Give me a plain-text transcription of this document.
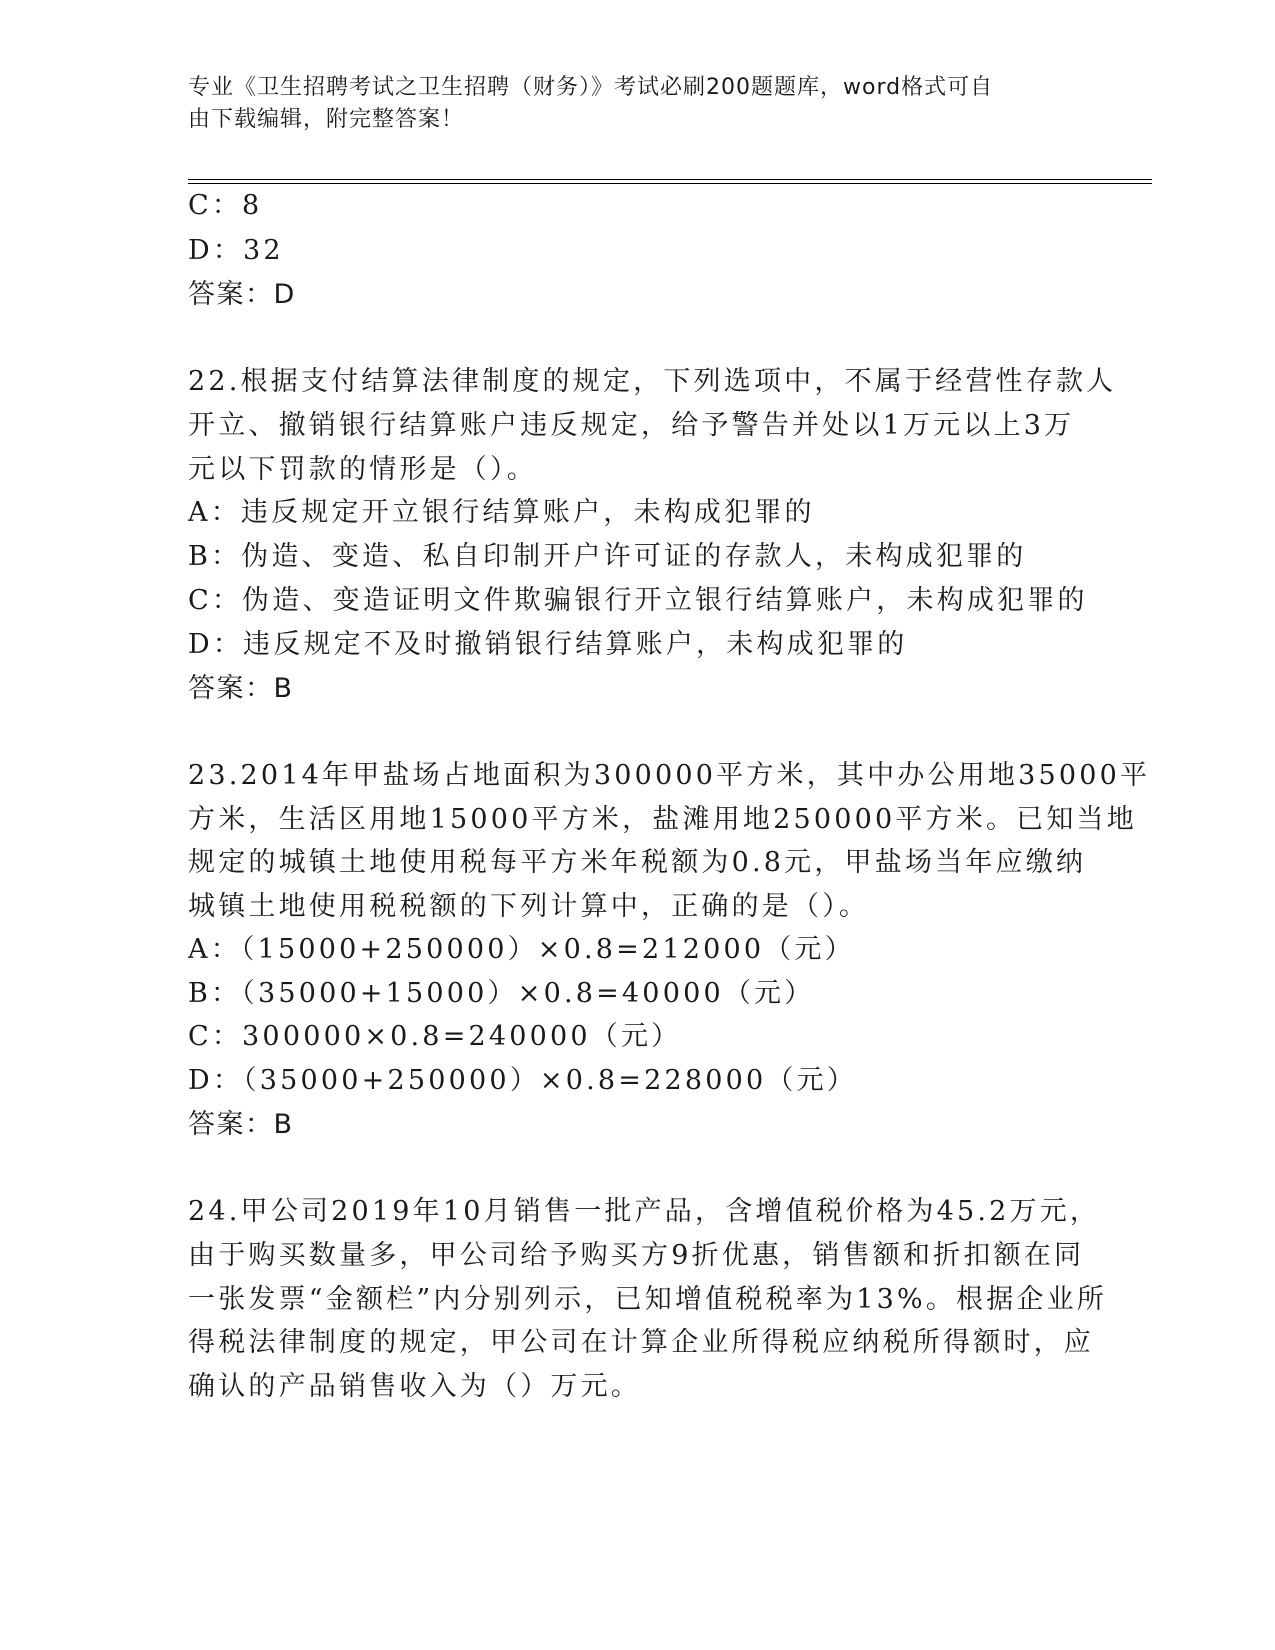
专业《卫生招聘考试之卫生招聘（财务）》考试必刷200题题库，word格式可自
由下载编辑，附完整答案！
C：8
D：32
答案：D
22.根据支付结算法律制度的规定，下列选项中，不属于经营性存款人
开立、撤销银行结算账户违反规定，给予警告并处以1万元以上3万
元以下罚款的情形是（）。
A：违反规定开立银行结算账户，未构成犯罪的
B：伪造、变造、私自印制开户许可证的存款人，未构成犯罪的
C：伪造、变造证明文件欺骗银行开立银行结算账户，未构成犯罪的
D：违反规定不及时撤销银行结算账户，未构成犯罪的
答案：B
23.2014年甲盐场占地面积为300000平方米，其中办公用地35000平
方米，生活区用地15000平方米，盐滩用地250000平方米。已知当地
规定的城镇土地使用税每平方米年税额为0.8元，甲盐场当年应缴纳
城镇土地使用税税额的下列计算中，正确的是（）。
A：（15000+250000）×0.8=212000（元）
B：（35000+15000）×0.8=40000（元）
C：300000×0.8=240000（元）
D：（35000+250000）×0.8=228000（元）
答案：B
24.甲公司2019年10月销售一批产品，含增值税价格为45.2万元，
由于购买数量多，甲公司给予购买方9折优惠，销售额和折扣额在同
一张发票“金额栏”内分别列示，已知增值税税率为13%。根据企业所
得税法律制度的规定，甲公司在计算企业所得税应纳税所得额时，应
确认的产品销售收入为（）万元。
